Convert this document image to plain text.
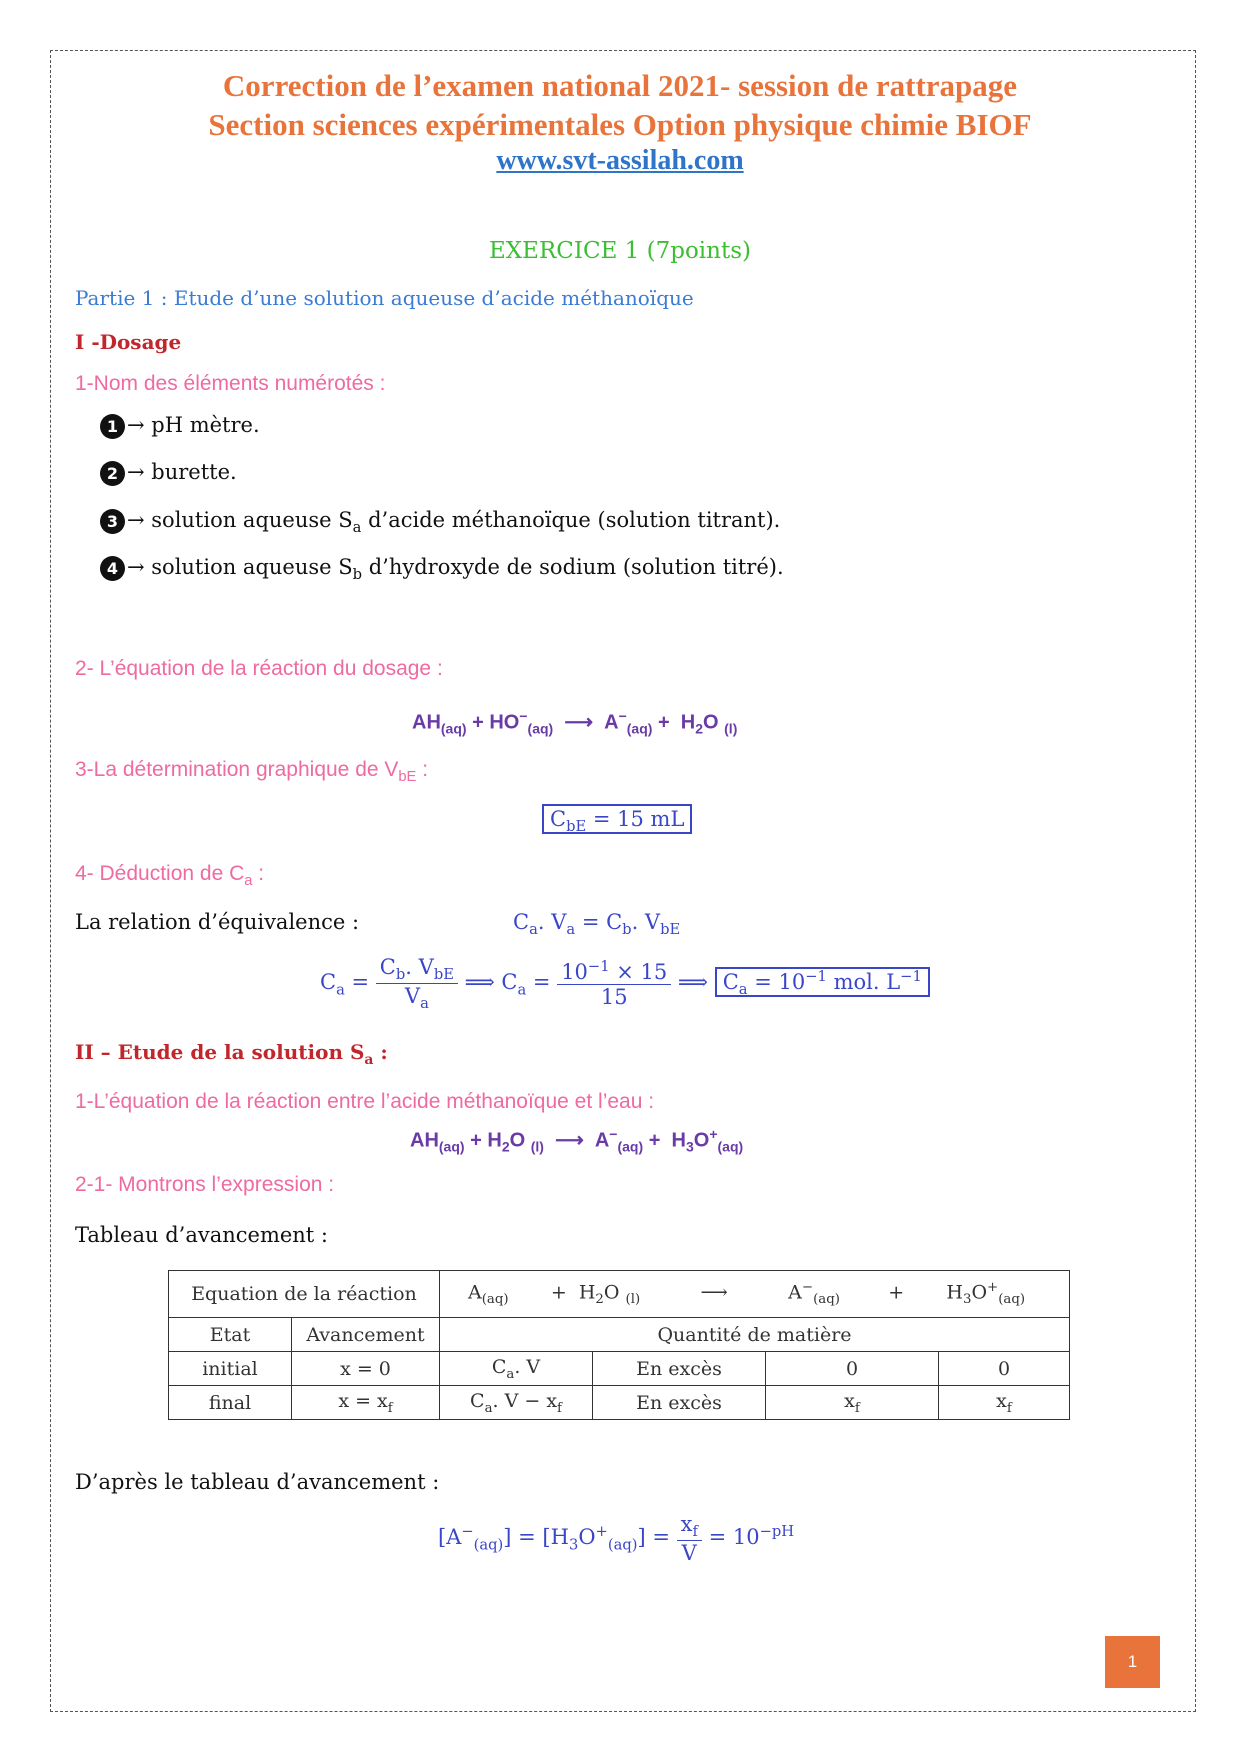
Correction de l’examen national 2021- session de rattrapage
Section sciences expérimentales Option physique chimie BIOF
www.svt-assilah.com
EXERCICE 1 (7points)
Partie 1 : Etude d’une solution aqueuse d’acide méthanoïque
I -Dosage
1-Nom des éléments numérotés :
1 → pH mètre.
2 → burette.
3 → solution aqueuse $S_a$ d’acide méthanoïque (solution titrant).
4 → solution aqueuse $S_b$ d’hydroxyde de sodium (solution titré).
2- L’équation de la réaction du dosage :
$AH_{(aq)} + HO^-_{(aq)}$  ⟶  $A^-_{(aq)} + H_2O$ $_{(l)}$
3-La détermination graphique de $V_{bE}$ :
$C_{bE} = 15$ mL
4- Déduction de $C_a$ :
La relation d’équivalence :	$C_a$. $V_a = C_b$. $V_{bE}$
$C_a = \frac{C_b. V_{bE}}{V_a}$ ⟹ $C_a = \frac{10^{-1} \times 15}{15}$ ⟹ $C_a = 10^{-1}$ mol. $L^{-1}$
II – Etude de la solution $S_a$ :
1-L’équation de la réaction entre l’acide méthanoïque et l’eau :
$AH_{(aq)} + H_2O$ $_{(l)}$  ⟶  $A^-_{(aq)} + H_3O^+_{(aq)}$
2-1- Montrons l’expression :
Tableau d’avancement :
Equation de la réaction		$A_{(aq)}$       +  $H_2O$ $_{(l)}$          ⟶          $A^-_{(aq)}$        +       $H_3O^+_{(aq)}$
Etat	Avancement	Quantité de matière			
initial	x = 0	$C_a$. V	En excès	0	0
final	$x = x_f$	$C_a$. $V - x_f$	En excès	$x_f$	$x_f$
D’après le tableau d’avancement :
$[A^-_{(aq)}] = [H_3O^+_{(aq)}] = \frac{x_f}{V} = 10^{-pH}$
1
